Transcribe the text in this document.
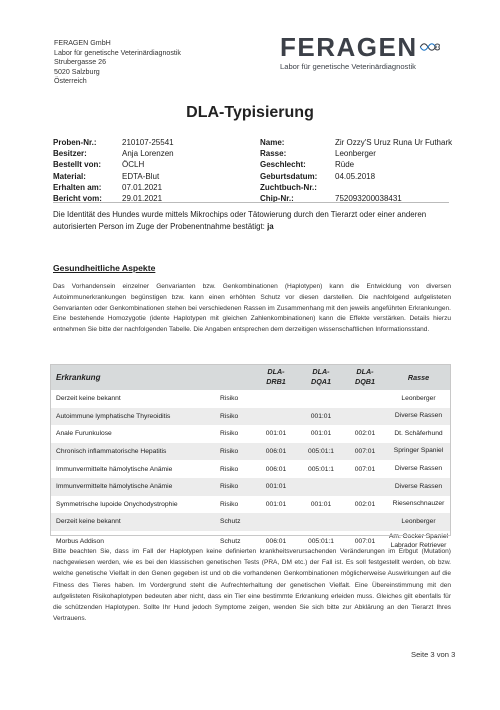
FERAGEN GmbH
Labor für genetische Veterinärdiagnostik
Strubergasse 26
5020 Salzburg
Österreich
FERAGEN
Labor für genetische Veterinärdiagnostik
DLA-Typisierung
Proben-Nr.:	210107-25541
Besitzer:	Anja Lorenzen
Bestellt von:	ÖCLH
Material:	EDTA-Blut
Erhalten am:	07.01.2021
Bericht vom:	29.01.2021
Name:	Zir Ozzy'S Uruz Runa Ur Futhark
Rasse:	Leonberger
Geschlecht:	Rüde
Geburtsdatum:	04.05.2018
Zuchtbuch-Nr.:
Chip-Nr.:	752093200038431
Die Identität des Hundes wurde mittels Mikrochips oder Tätowierung durch den Tierarzt oder einer anderen autorisierten Person im Zuge der Probenentnahme bestätigt: ja
Gesundheitliche Aspekte
Das Vorhandensein einzelner Genvarianten bzw. Genkombinationen (Haplotypen) kann die Entwicklung von diversen Autoimmunerkrankungen begünstigen bzw. kann einen erhöhten Schutz vor diesen darstellen. Die nachfolgend aufgelisteten Genvarianten oder Genkombinationen stehen bei verschiedenen Rassen im Zusammenhang mit den jeweils angeführten Erkrankungen. Eine bestehende Homozygotie (idente Haplotypen mit gleichen Zahlenkombinationen) kann die Effekte verstärken. Details hierzu entnehmen Sie bitte der nachfolgenden Tabelle. Die Angaben entsprechen dem derzeitigen wissenschaftlichen Informationsstand.
Erkrankung		DLA-DRB1	DLA-DQA1	DLA-DQB1	Rasse
Derzeit keine bekannt	Risiko				Leonberger
Autoimmune lymphatische Thyreoiditis	Risiko		001:01		Diverse Rassen
Anale Furunkulose	Risiko	001:01	001:01	002:01	Dt. Schäferhund
Chronisch inflammatorische Hepatitis	Risiko	006:01	005:01:1	007:01	Springer Spaniel
Immunvermittelte hämolytische Anämie	Risiko	006:01	005:01:1	007:01	Diverse Rassen
Immunvermittelte hämolytische Anämie	Risiko	001:01			Diverse Rassen
Symmetrische lupoide Onychodystrophie	Risiko	001:01	001:01	002:01	Riesenschnauzer
Derzeit keine bekannt	Schutz				Leonberger
Morbus Addison	Schutz	006:01	005:01:1	007:01	Am. Cocker Spaniel
Labrador Retriever
Bitte beachten Sie, dass im Fall der Haplotypen keine definierten krankheitsverursachenden Veränderungen im Erbgut (Mutation) nachgewiesen werden, wie es bei den klassischen genetischen Tests (PRA, DM etc.) der Fall ist. Es soll festgestellt werden, ob bzw. welche genetische Vielfalt in den Genen gegeben ist und ob die vorhandenen Genkombinationen möglicherweise Auswirkungen auf die Fitness des Tieres haben. Im Vordergrund steht die Aufrechterhaltung der genetischen Vielfalt. Eine Übereinstimmung mit den aufgelisteten Risikohaplotypen bedeuten aber nicht, dass ein Tier eine bestimmte Erkrankung erleiden muss. Gleiches gilt ebenfalls für die schützenden Haplotypen. Sollte Ihr Hund jedoch Symptome zeigen, wenden Sie sich bitte zur Abklärung an den Tierarzt Ihres Vertrauens.
Seite 3 von 3
